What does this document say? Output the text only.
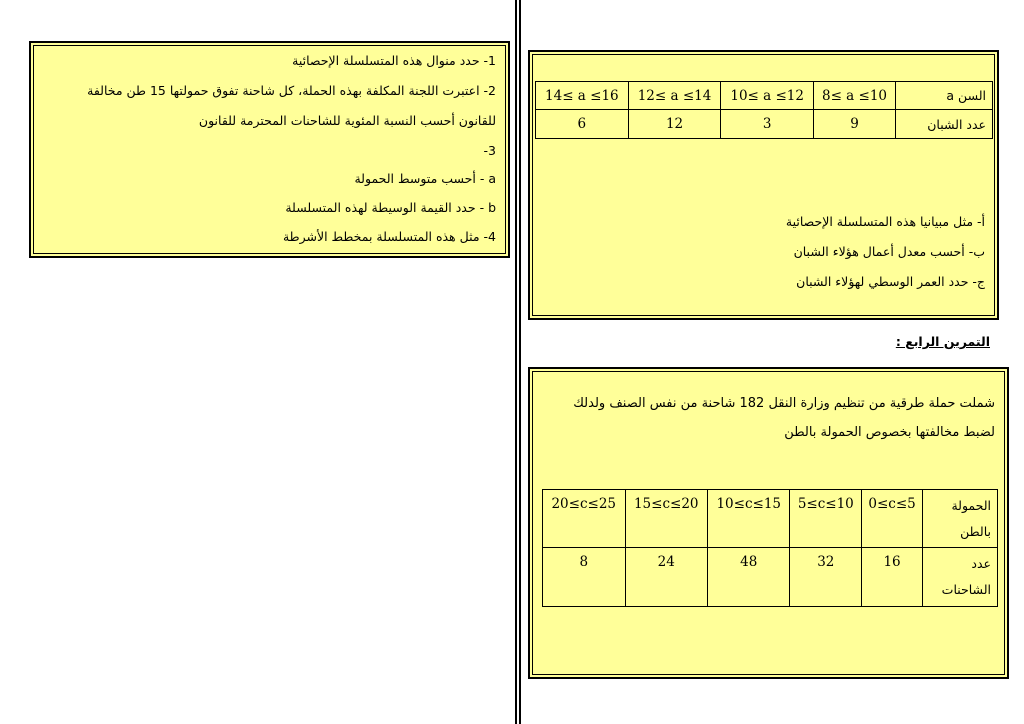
1- حدد منوال هذه المتسلسلة الإحصائية
2- اعتبرت اللجنة المكلفة بهذه الحملة، كل شاحنة تفوق حمولتها 15 طن مخالفة
للقانون أحسب النسبة المئوية للشاحنات المحترمة للقانون
3-
a - أحسب متوسط الحمولة
b - حدد القيمة الوسيطة لهذه المتسلسلة
4- مثل هذه المتسلسلة بمخطط الأشرطة
السن a	8≤ a ≤10	10≤ a ≤12	12≤ a ≤14	14≤ a ≤16
عدد الشبان	9	3	12	6
أ- مثل مبيانيا هذه المتسلسلة الإحصائية
ب- أحسب معدل أعمال هؤلاء الشبان
ج- حدد العمر الوسطي لهؤلاء الشبان
التمرين الرابع :
شملت حملة طرقية من تنظيم وزارة النقل 182 شاحنة من نفس الصنف ولدلك لضبط مخالفتها بخصوص الحمولة بالطن
الحمولة بالطن	0≤c≤5	5≤c≤10	10≤c≤15	15≤c≤20	20≤c≤25
عدد الشاحنات	16	32	48	24	8
